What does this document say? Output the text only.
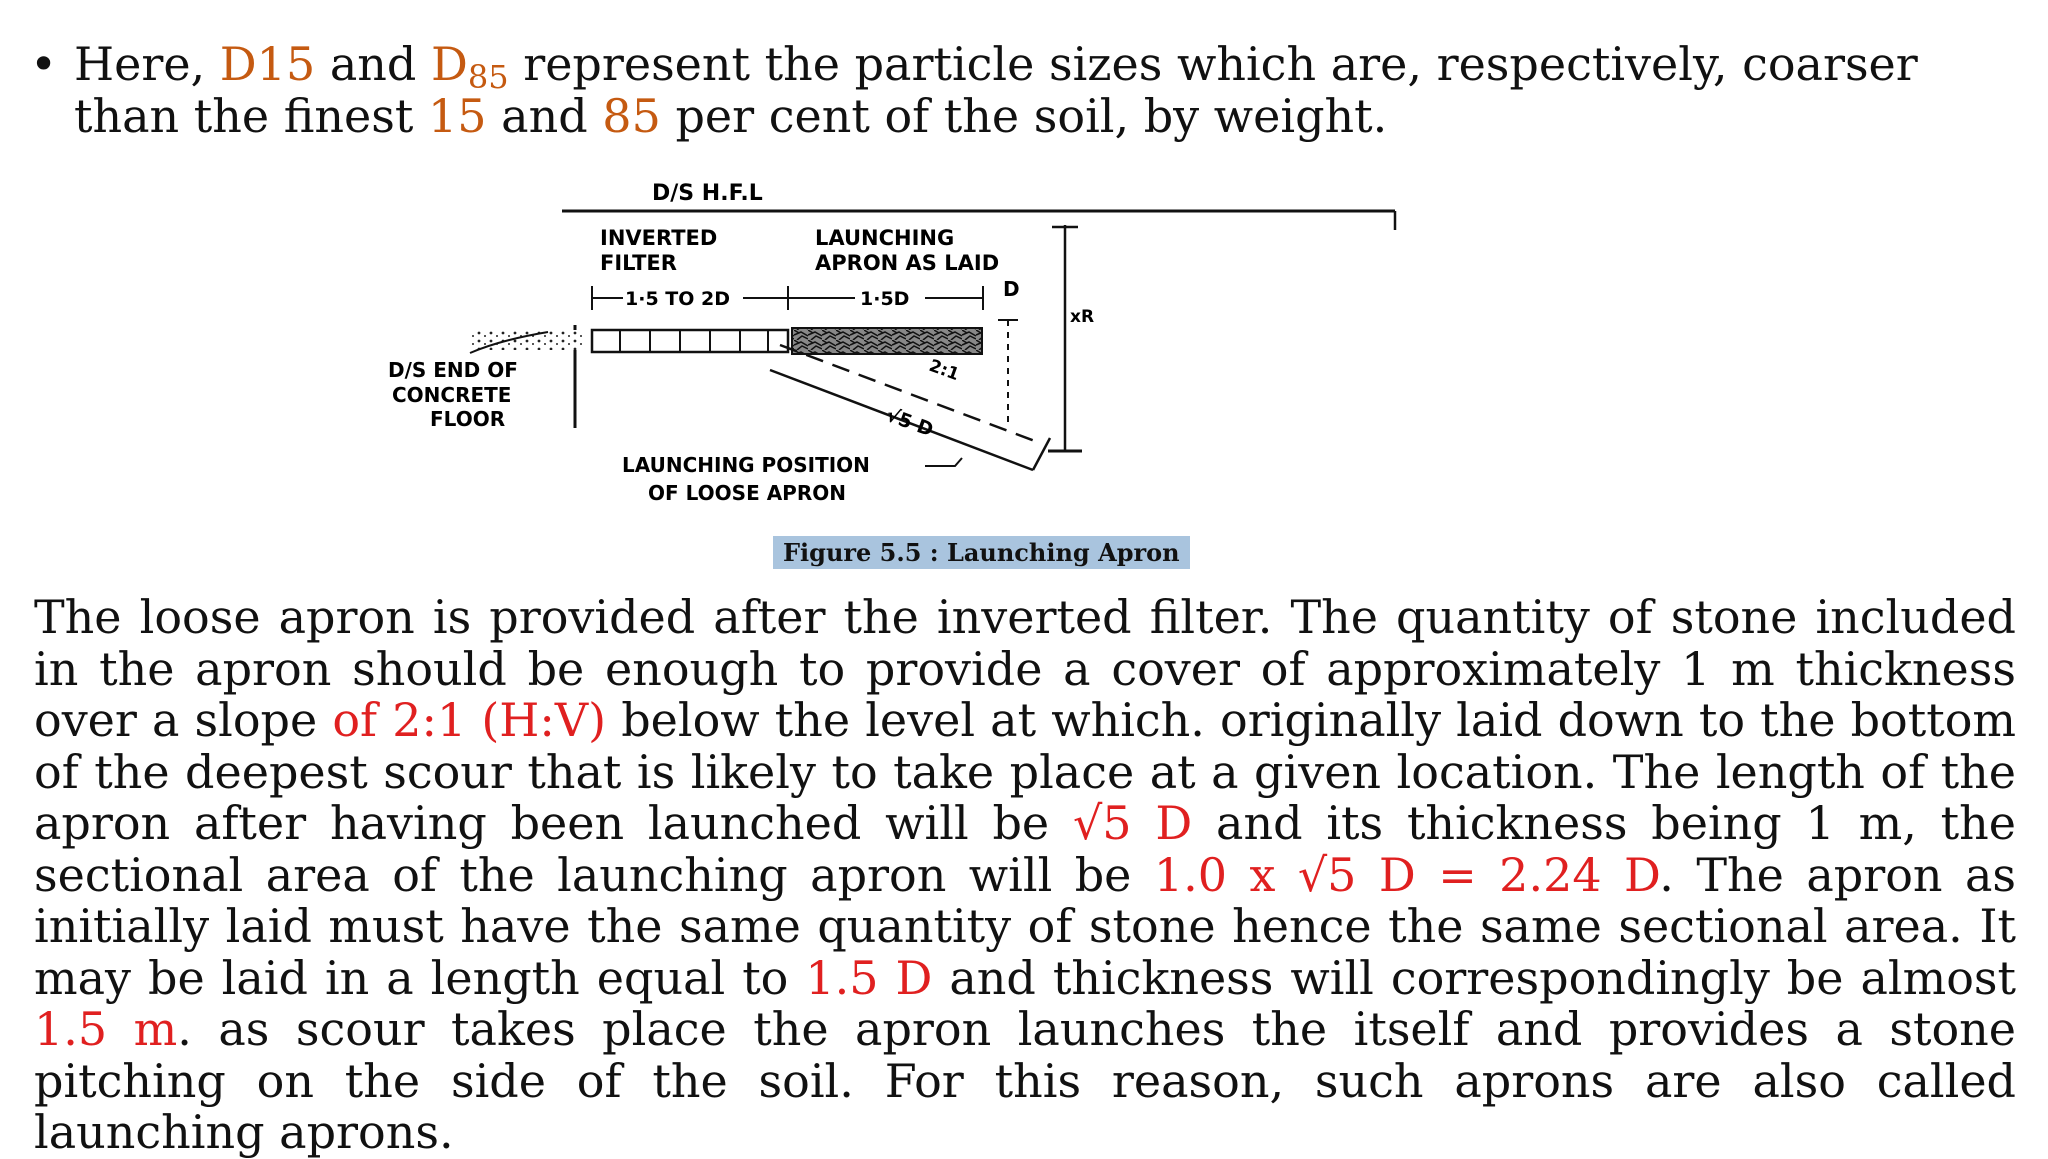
• Here, D15 and $D_{85}$ represent the particle sizes which are, respectively, coarser than the finest 15 and 85 per cent of the soil, by weight.
D/S H.F.L
INVERTED
FILTER
LAUNCHING
APRON AS LAID
1·5 TO 2D	1·5D
xR
D
2:1
√5 D
D/S END OF
CONCRETE
FLOOR
LAUNCHING POSITION
OF LOOSE APRON
Figure 5.5 : Launching Apron

The loose apron is provided after the inverted filter. The quantity of stone included in the apron should be enough to provide a cover of approximately 1 m thickness over a slope of 2:1 (H:V) below the level at which. originally laid down to the bottom of the deepest scour that is likely to take place at a given location. The length of the apron after having been launched will be √5 D and its thickness being 1 m, the sectional area of the launching apron will be 1.0 x √5 D = 2.24 D. The apron as initially laid must have the same quantity of stone hence the same sectional area. It may be laid in a length equal to 1.5 D and thickness will correspondingly be almost 1.5 m. as scour takes place the apron launches the itself and provides a stone pitching on the side of the soil. For this reason, such aprons are also called launching aprons.
